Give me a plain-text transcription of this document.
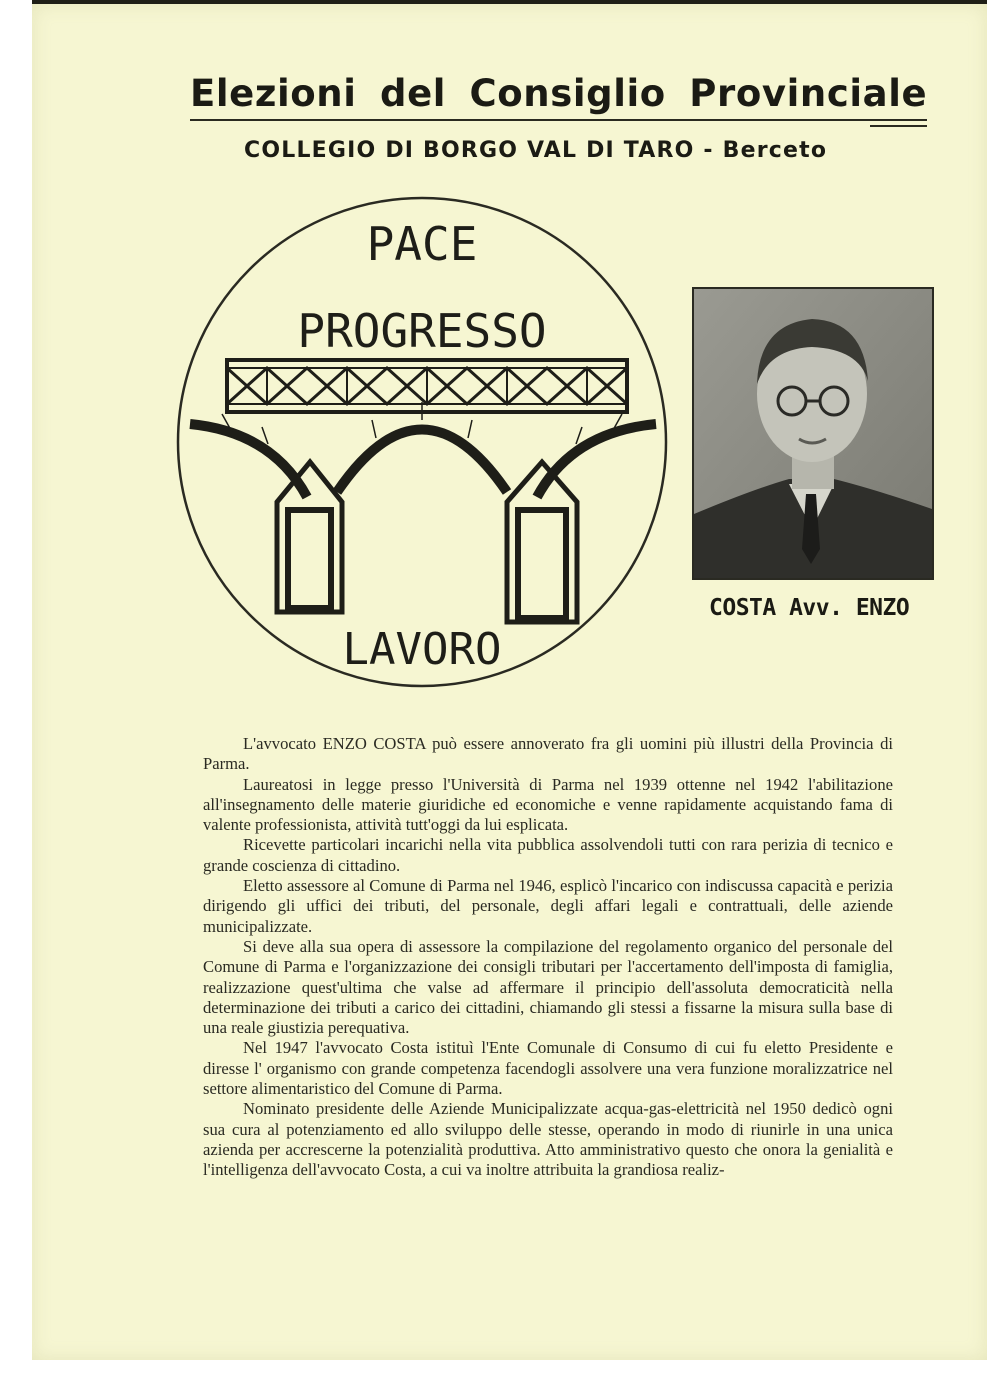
Elezioni del Consiglio Provinciale
COLLEGIO DI BORGO VAL DI TARO - Berceto
PACE
PROGRESSO
LAVORO
COSTA Avv. ENZO

L'avvocato ENZO COSTA può essere annoverato fra gli uomini più illustri della Provincia di Parma.

Laureatosi in legge presso l'Università di Parma nel 1939 ottenne nel 1942 l'abilitazione all'insegnamento delle materie giuridiche ed economiche e venne rapidamente acquistando fama di valente professionista, attività tutt'oggi da lui esplicata.

Ricevette particolari incarichi nella vita pubblica assolvendoli tutti con rara perizia di tecnico e grande coscienza di cittadino.

Eletto assessore al Comune di Parma nel 1946, esplicò l'incarico con indiscussa capacità e perizia dirigendo gli uffici dei tributi, del personale, degli affari legali e contrattuali, delle aziende municipalizzate.

Si deve alla sua opera di assessore la compilazione del regolamento organico del personale del Comune di Parma e l'organizzazione dei consigli tributari per l'accertamento dell'imposta di famiglia, realizzazione quest'ultima che valse ad affermare il principio dell'assoluta democraticità nella determinazione dei tributi a carico dei cittadini, chiamando gli stessi a fissarne la misura sulla base di una reale giustizia perequativa.

Nel 1947 l'avvocato Costa istituì l'Ente Comunale di Consumo di cui fu eletto Presidente e diresse l' organismo con grande competenza facendogli assolvere una vera funzione moralizzatrice nel settore alimentaristico del Comune di Parma.

Nominato presidente delle Aziende Municipalizzate acqua-gas-elettricità nel 1950 dedicò ogni sua cura al potenziamento ed allo sviluppo delle stesse, operando in modo di riunirle in una unica azienda per accrescerne la potenzialità produttiva. Atto amministrativo questo che onora la genialità e l'intelligenza dell'avvocato Costa, a cui va inoltre attribuita la grandiosa realiz-
